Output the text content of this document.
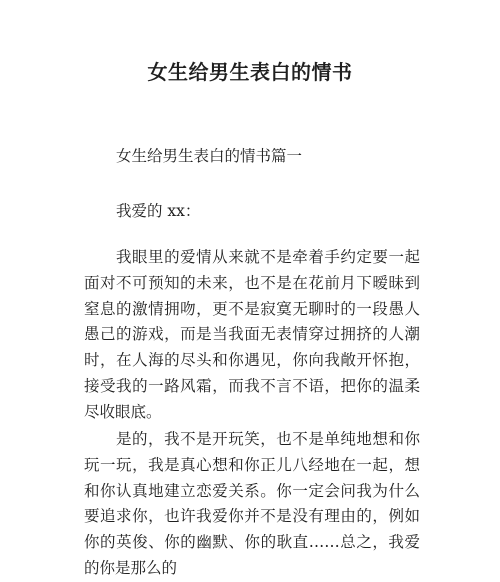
女生给男生表白的情书
女生给男生表白的情书篇一
我爱的 xx：

我眼里的爱情从来就不是牵着手约定要一起面对不可预知的未来，也不是在花前月下暧昧到窒息的激情拥吻，更不是寂寞无聊时的一段愚人愚己的游戏，而是当我面无表情穿过拥挤的人潮时，在人海的尽头和你遇见，你向我敞开怀抱，接受我的一路风霜，而我不言不语，把你的温柔尽收眼底。

是的，我不是开玩笑，也不是单纯地想和你玩一玩，我是真心想和你正儿八经地在一起，想和你认真地建立恋爱关系。你一定会问我为什么要追求你，也许我爱你并不是没有理由的，例如你的英俊、你的幽默、你的耿直……总之，我爱的你是那么的
